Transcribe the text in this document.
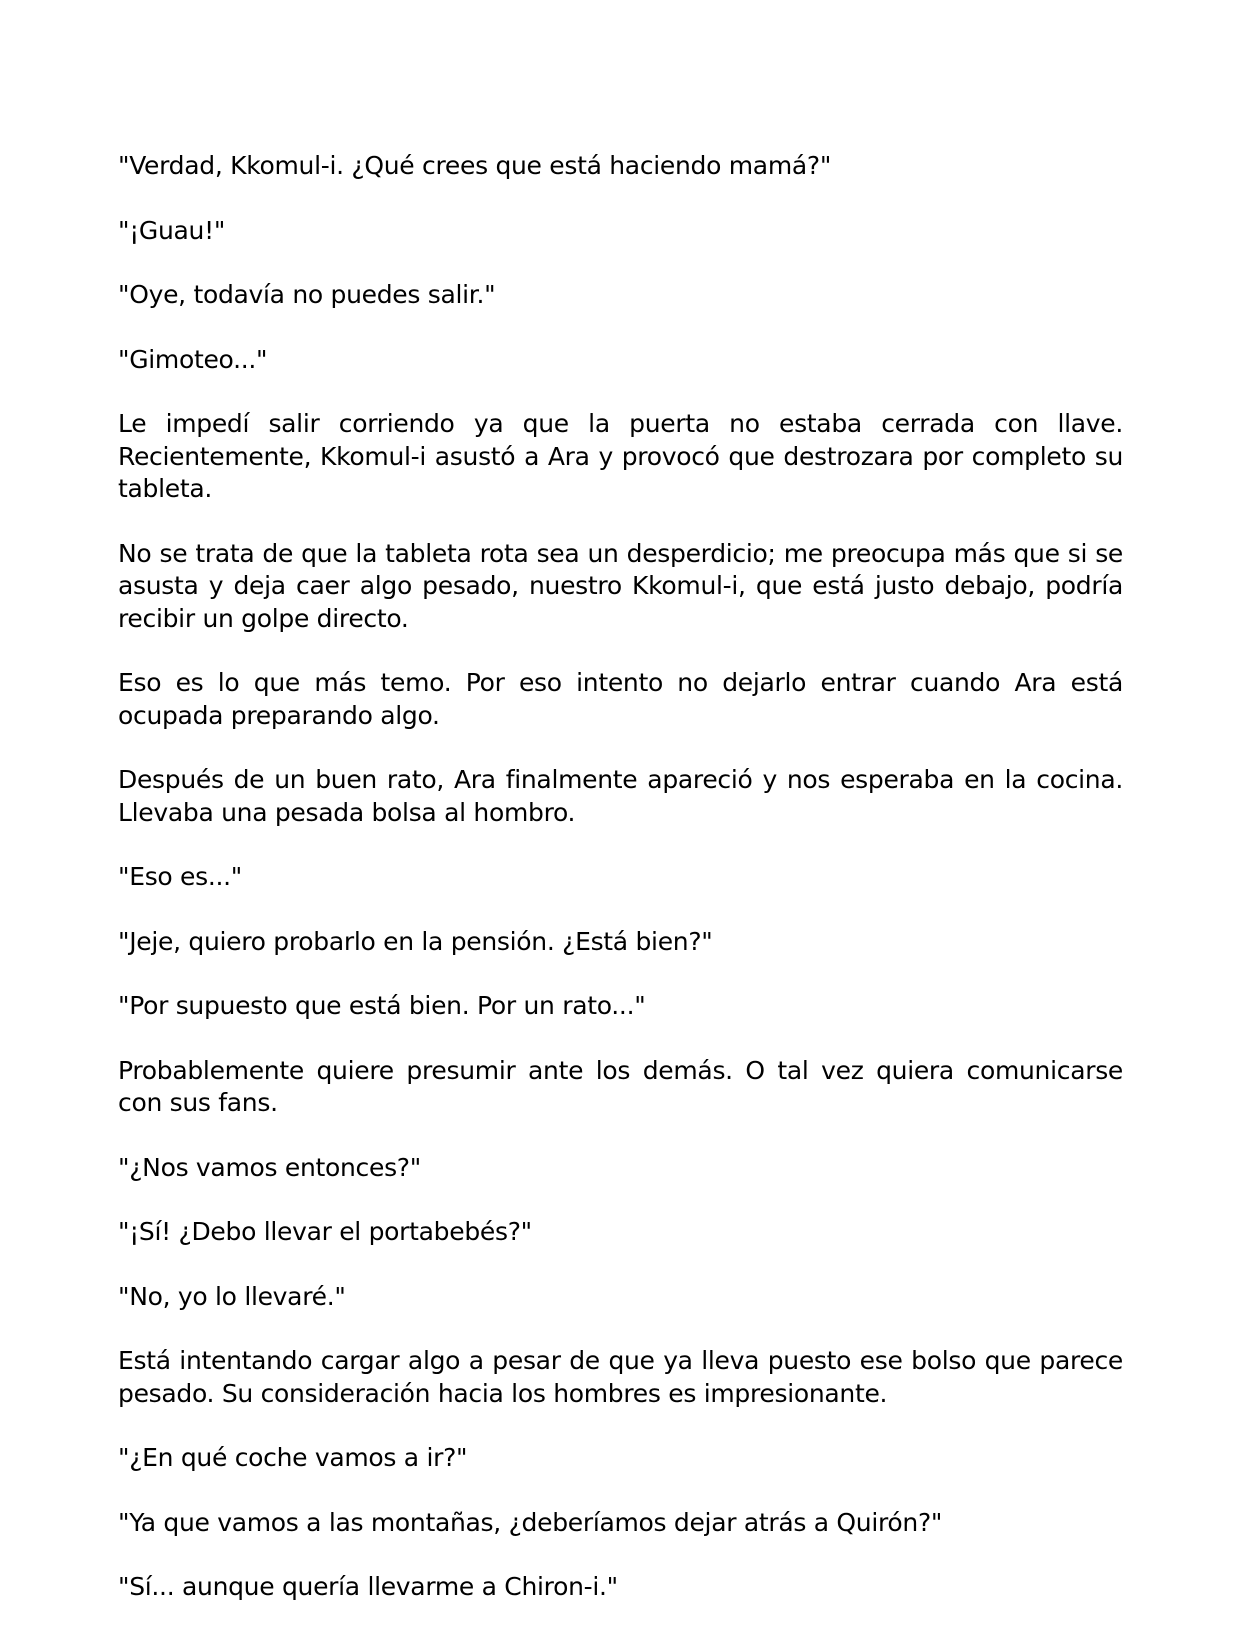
"Verdad, Kkomul-i. ¿Qué crees que está haciendo mamá?"

"¡Guau!"

"Oye, todavía no puedes salir."

"Gimoteo..."

Le impedí salir corriendo ya que la puerta no estaba cerrada con llave. Recientemente, Kkomul-i asustó a Ara y provocó que destrozara por completo su tableta.

No se trata de que la tableta rota sea un desperdicio; me preocupa más que si se asusta y deja caer algo pesado, nuestro Kkomul-i, que está justo debajo, podría recibir un golpe directo.

Eso es lo que más temo. Por eso intento no dejarlo entrar cuando Ara está ocupada preparando algo.

Después de un buen rato, Ara finalmente apareció y nos esperaba en la cocina. Llevaba una pesada bolsa al hombro.

"Eso es..."

"Jeje, quiero probarlo en la pensión. ¿Está bien?"

"Por supuesto que está bien. Por un rato..."

Probablemente quiere presumir ante los demás. O tal vez quiera comunicarse con sus fans.

"¿Nos vamos entonces?"

"¡Sí! ¿Debo llevar el portabebés?"

"No, yo lo llevaré."

Está intentando cargar algo a pesar de que ya lleva puesto ese bolso que parece pesado. Su consideración hacia los hombres es impresionante.

"¿En qué coche vamos a ir?"

"Ya que vamos a las montañas, ¿deberíamos dejar atrás a Quirón?"

"Sí... aunque quería llevarme a Chiron-i."
